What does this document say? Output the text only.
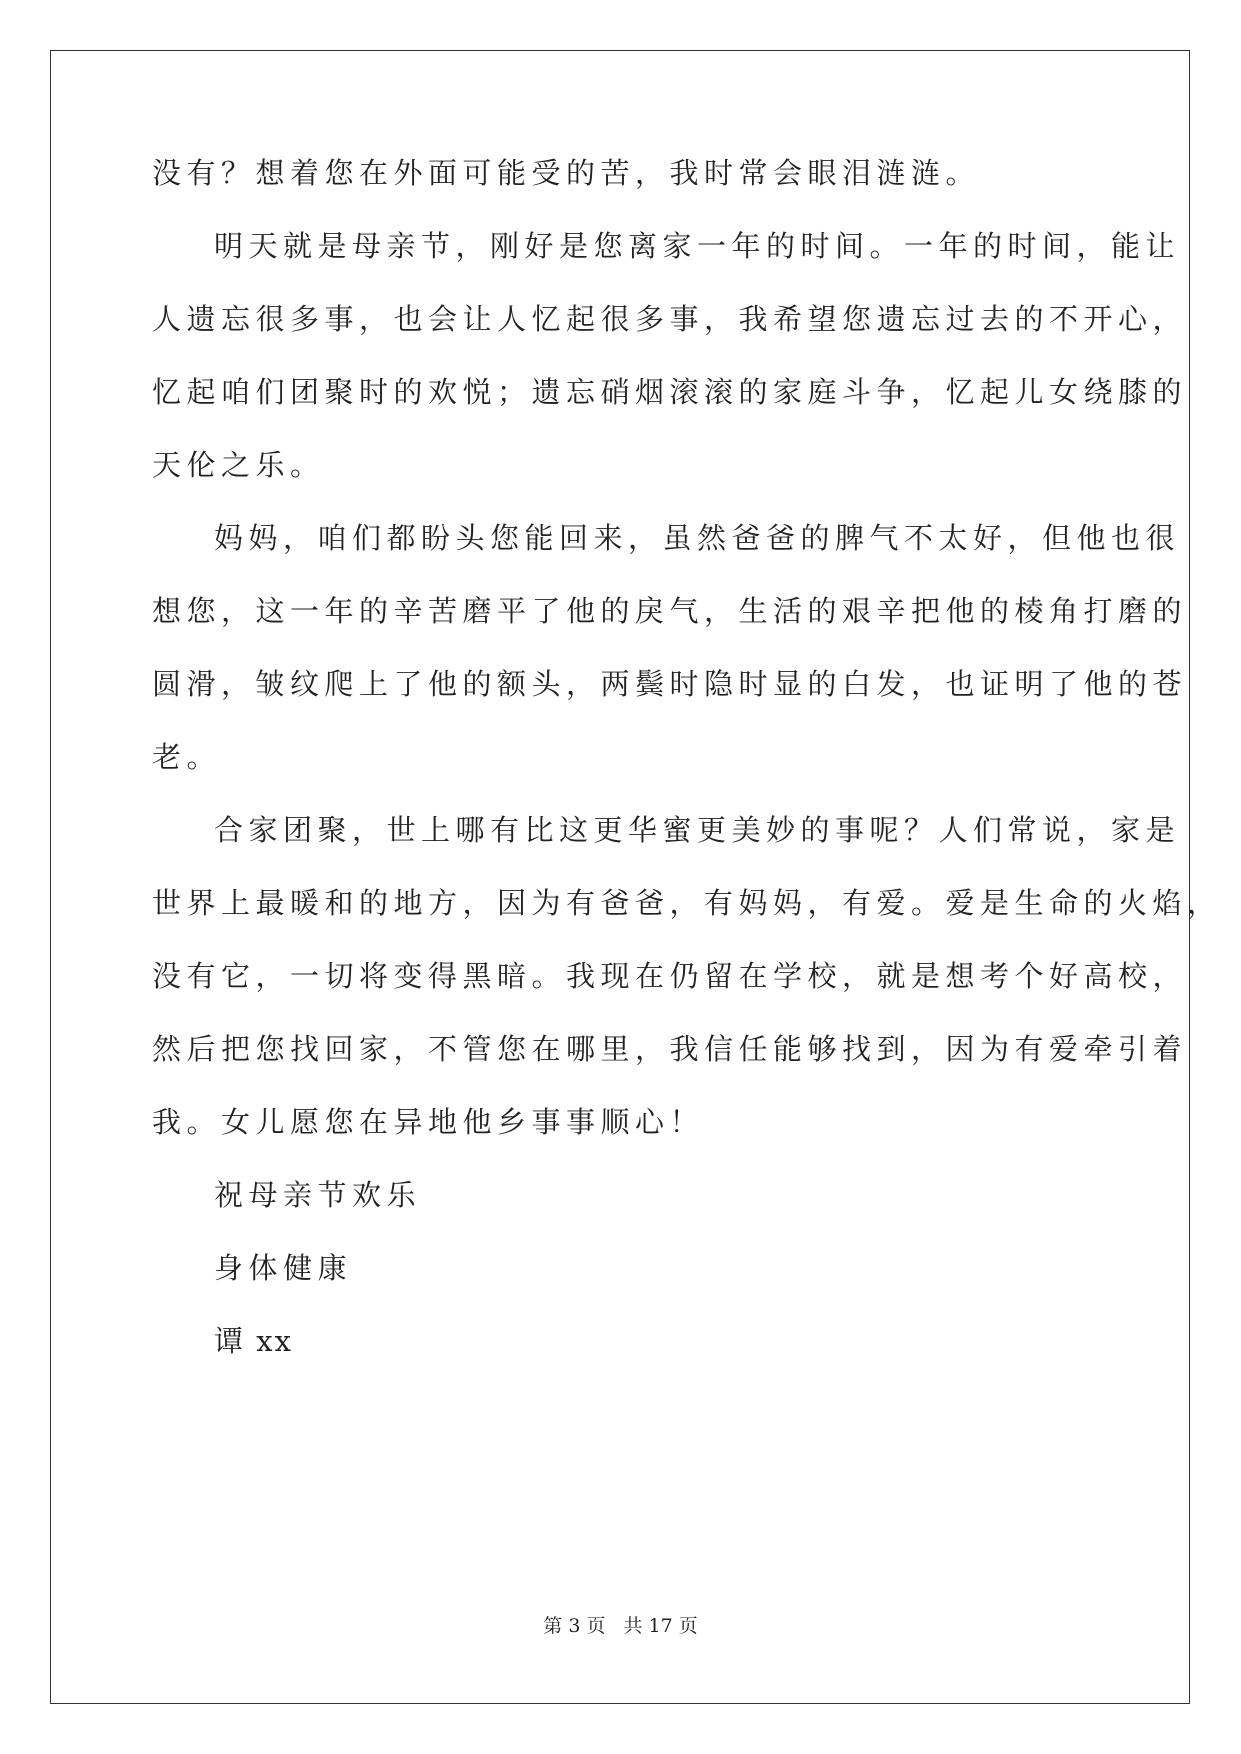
没有？想着您在外面可能受的苦，我时常会眼泪涟涟。
明天就是母亲节，刚好是您离家一年的时间。一年的时间，能让
人遗忘很多事，也会让人忆起很多事，我希望您遗忘过去的不开心，
忆起咱们团聚时的欢悦；遗忘硝烟滚滚的家庭斗争，忆起儿女绕膝的
天伦之乐。
妈妈，咱们都盼头您能回来，虽然爸爸的脾气不太好，但他也很
想您，这一年的辛苦磨平了他的戾气，生活的艰辛把他的棱角打磨的
圆滑，皱纹爬上了他的额头，两鬓时隐时显的白发，也证明了他的苍
老。
合家团聚，世上哪有比这更华蜜更美妙的事呢？人们常说，家是
世界上最暖和的地方，因为有爸爸，有妈妈，有爱。爱是生命的火焰，
没有它，一切将变得黑暗。我现在仍留在学校，就是想考个好高校，
然后把您找回家，不管您在哪里，我信任能够找到，因为有爱牵引着
我。女儿愿您在异地他乡事事顺心！
祝母亲节欢乐
身体健康
谭 xx
第 3 页 共 17 页
